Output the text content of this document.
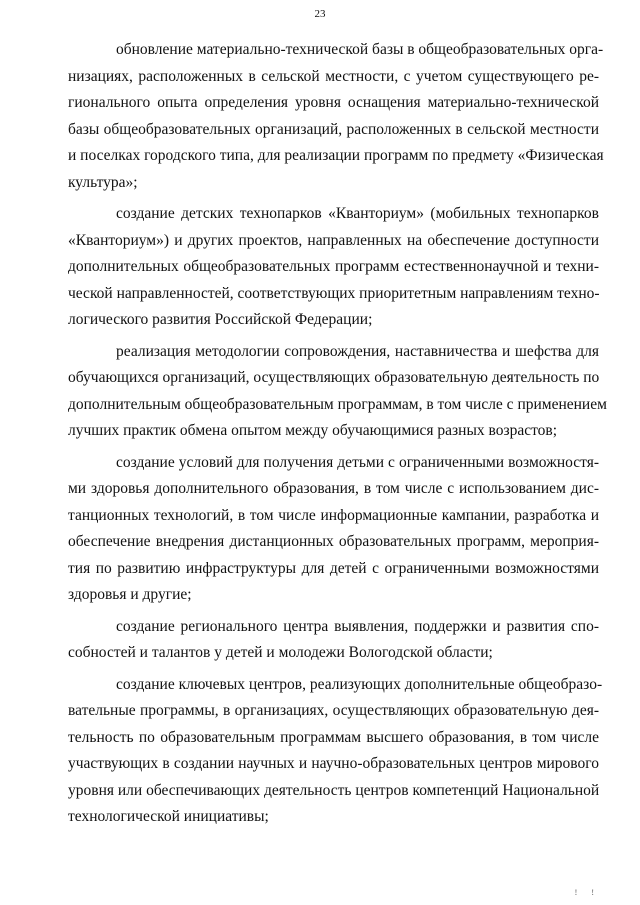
23
обновление материально-технической базы в общеобразовательных орга-
низациях, расположенных в сельской местности, с учетом существующего ре-
гионального опыта определения уровня оснащения материально-технической
базы общеобразовательных организаций, расположенных в сельской местности
и поселках городского типа, для реализации программ по предмету «Физическая
культура»;
создание детских технопарков «Кванториум» (мобильных технопарков
«Кванториум») и других проектов, направленных на обеспечение доступности
дополнительных общеобразовательных программ естественнонаучной и техни-
ческой направленностей, соответствующих приоритетным направлениям техно-
логического развития Российской Федерации;
реализация методологии сопровождения, наставничества и шефства для
обучающихся организаций, осуществляющих образовательную деятельность по
дополнительным общеобразовательным программам, в том числе с применением
лучших практик обмена опытом между обучающимися разных возрастов;
создание условий для получения детьми с ограниченными возможностя-
ми здоровья дополнительного образования, в том числе с использованием дис-
танционных технологий, в том числе информационные кампании, разработка и
обеспечение внедрения дистанционных образовательных программ, мероприя-
тия по развитию инфраструктуры для детей с ограниченными возможностями
здоровья и другие;
создание регионального центра выявления, поддержки и развития спо-
собностей и талантов у детей и молодежи Вологодской области;
создание ключевых центров, реализующих дополнительные общеобразо-
вательные программы, в организациях, осуществляющих образовательную дея-
тельность по образовательным программам высшего образования, в том числе
участвующих в создании научных и научно-образовательных центров мирового
уровня или обеспечивающих деятельность центров компетенций Национальной
технологической инициативы;
! !
